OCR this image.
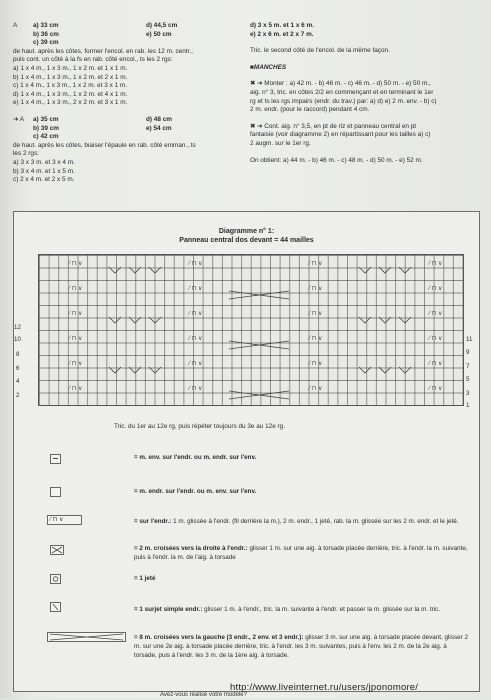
A a) 33 cm	d) 44,5 cm
b) 36 cm	e) 50 cm
c) 39 cm
de haut. après les côtes, former l'encol. en rab. les 12 m. centr.,
puis cont. un côté à la fs en rab. côté encol., ts les 2 rgs:
a) 1 x 4 m., 1 x 3 m., 1 x 2 m. et 1 x 1 m.
b) 1 x 4 m., 1 x 3 m., 1 x 2 m. et 2 x 1 m.
c) 1 x 4 m., 1 x 3 m., 1 x 2 m. et 3 x 1 m.
d) 1 x 4 m., 1 x 3 m., 1 x 2 m. et 4 x 1 m.
e) 1 x 4 m., 1 x 3 m., 2 x 2 m. et 3 x 1 m.
➜ A a) 35 cm	d) 48 cm
b) 39 cm	e) 54 cm
c) 42 cm
de haut. après les côtes, biaiser l'épaule en rab. côté emman., ts
les 2 rgs:
a) 3 x 3 m. et 3 x 4 m.
b) 3 x 4 m. et 1 x 5 m.
c) 2 x 4 m. et 2 x 5 m.
d) 3 x 5 m. et 1 x 6 m.
e) 2 x 6 m. et 2 x 7 m.
Tric. le second côté de l'encol. de la même façon.
■MANCHES
✖ ➜ Monter : a) 42 m. - b) 46 m. - c) 46 m. - d) 50 m. - e) 50 m.,
aig. n° 3, tric. en côtes 2/2 en commençant et en terminant le 1er
rg et ts les rgs impairs (endr. du trav.) par: a) d) e) 2 m. env. - b) c)
2 m. endr. (pour le raccord) pendant 4 cm.
✖ ➜ Cont. aig. n° 3,5, en pt de riz et panneau central en pt
fantaisie (voir diagramme 2) en répartissant pour les tailles a) c)
2 augm. sur le 1er rg.
On obtient: a) 44 m. - b) 46 m. - c) 48 m. - d) 50 m. - e) 52 m.
Diagramme n° 1:
Panneau central dos devant = 44 mailles
⁄ ⊓ ∨	⁄ ⊓ ∨	⁄ ⊓ ∨	⁄ ⊓ ∨
⁄ ⊓ ∨	⁄ ⊓ ∨	⁄ ⊓ ∨	⁄ ⊓ ∨
⁄ ⊓ ∨	⁄ ⊓ ∨	⁄ ⊓ ∨	⁄ ⊓ ∨
⁄ ⊓ ∨	⁄ ⊓ ∨	⁄ ⊓ ∨	⁄ ⊓ ∨
⁄ ⊓ ∨	⁄ ⊓ ∨	⁄ ⊓ ∨	⁄ ⊓ ∨
⁄ ⊓ ∨	⁄ ⊓ ∨	⁄ ⊓ ∨	⁄ ⊓ ∨
12
10
8
6
4
2
11
9
7
5
3
1
Tric. du 1er au 12e rg, puis répéter toujours du 3e au 12e rg.
= m. env. sur l'endr. ou m. endr. sur l'env.
= m. endr. sur l'endr. ou m. env. sur l'env.
⁄ ⊓ ∨	= sur l'endr.: 1 m. glissée à l'endr. (fil derrière la m.), 2 m. endr., 1 jeté, rab. la m. glissée sur les 2 m. endr. et le jeté.
= 2 m. croisées vers la droite à l'endr.: glisser 1 m. sur une aig. à torsade placée derrière, tric. à l'endr. la m. suivante, puis à l'endr. la m. de l'aig. à torsade
= 1 jeté
= 1 surjet simple endr.: glisser 1 m. à l'endr., tric. la m. suivante à l'endr. et passer la m. glissée sur la m. tric.
= 8 m. croisées vers la gauche (3 endr., 2 env. et 3 endr.): glisser 3 m. sur une aig. à torsade placée devant, glisser 2 m. sur une 2e aig. à torsade placée derrière, tric. à l'endr. les 3 m. suivantes, puis à l'env. les 2 m. de la 2e aig. à torsade, puis à l'endr. les 3 m. de la 1ère aig. à torsade.
Avez-vous réalisé votre modèle?
http://www.liveinternet.ru/users/jponomore/
